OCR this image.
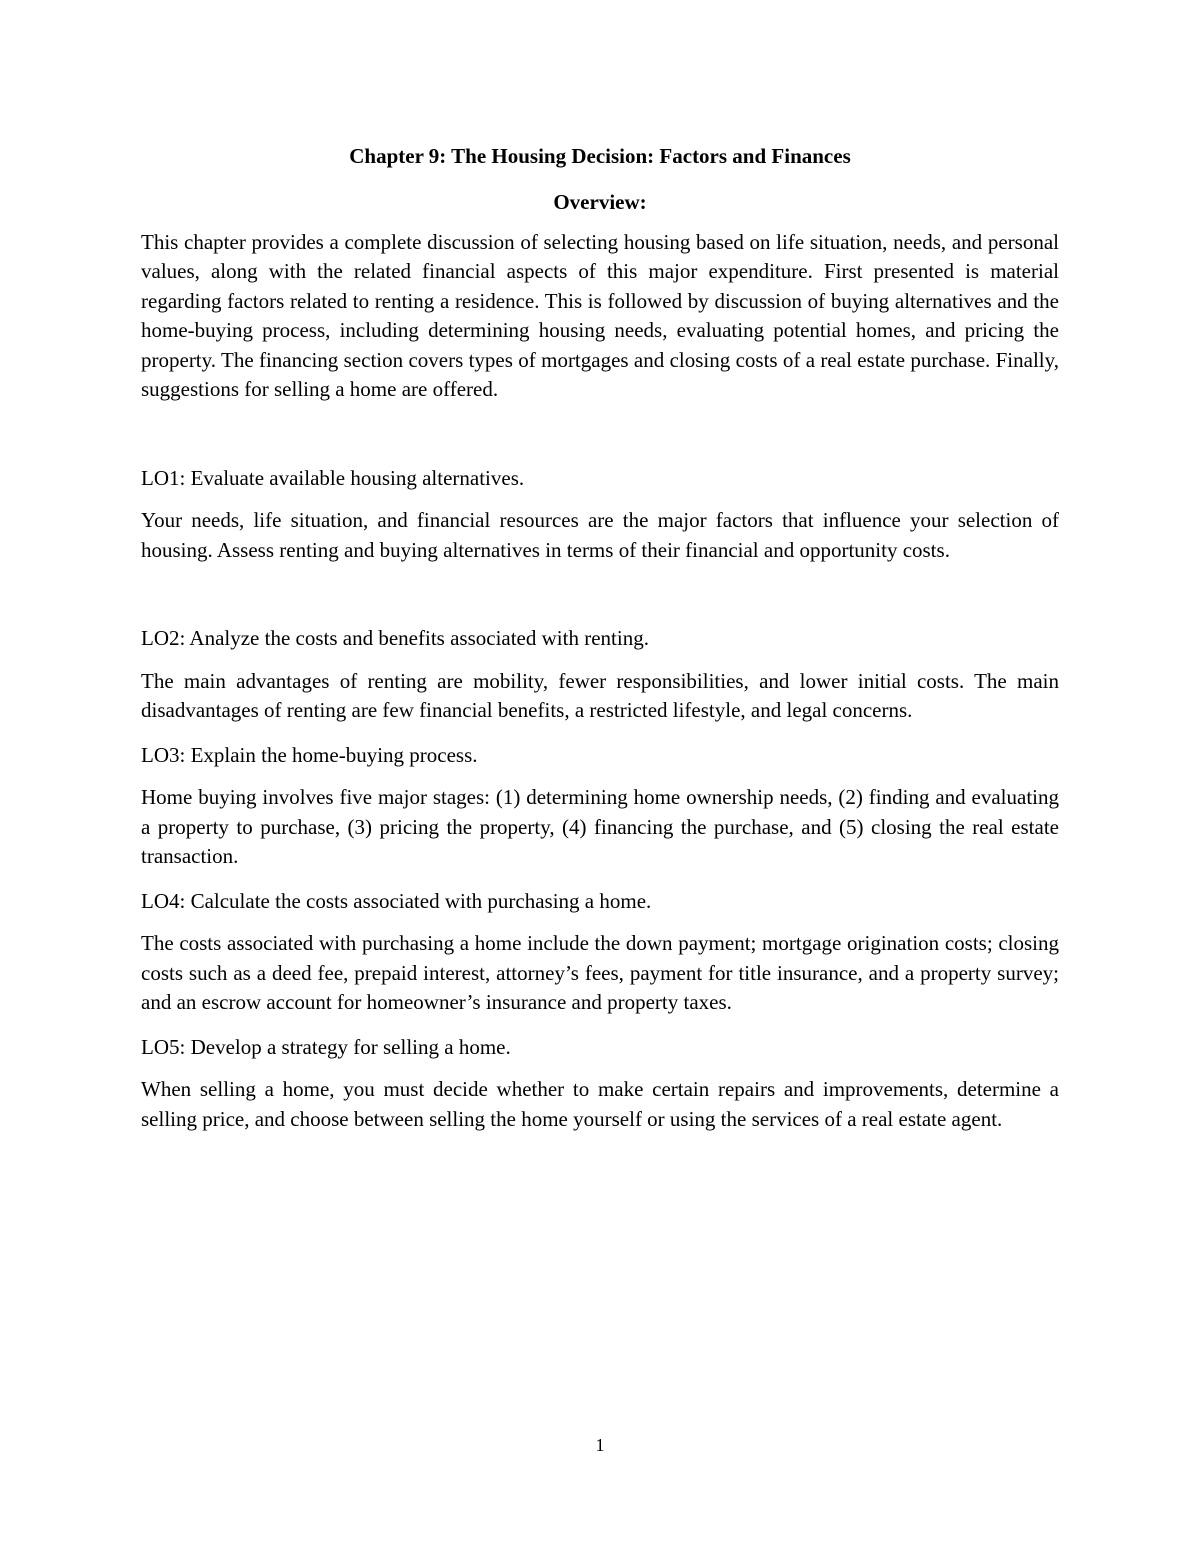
Chapter 9: The Housing Decision: Factors and Finances
Overview:

This chapter provides a complete discussion of selecting housing based on life situation, needs, and personal values, along with the related financial aspects of this major expenditure. First presented is material regarding factors related to renting a residence. This is followed by discussion of buying alternatives and the home-buying process, including determining housing needs, evaluating potential homes, and pricing the property. The financing section covers types of mortgages and closing costs of a real estate purchase. Finally, suggestions for selling a home are offered.

LO1: Evaluate available housing alternatives.

Your needs, life situation, and financial resources are the major factors that influence your selection of housing. Assess renting and buying alternatives in terms of their financial and opportunity costs.

LO2: Analyze the costs and benefits associated with renting.

The main advantages of renting are mobility, fewer responsibilities, and lower initial costs. The main disadvantages of renting are few financial benefits, a restricted lifestyle, and legal concerns.

LO3: Explain the home-buying process.

Home buying involves five major stages: (1) determining home ownership needs, (2) finding and evaluating a property to purchase, (3) pricing the property, (4) financing the purchase, and (5) closing the real estate transaction.

LO4: Calculate the costs associated with purchasing a home.

The costs associated with purchasing a home include the down payment; mortgage origination costs; closing costs such as a deed fee, prepaid interest, attorney’s fees, payment for title insurance, and a property survey; and an escrow account for homeowner’s insurance and property taxes.

LO5: Develop a strategy for selling a home.

When selling a home, you must decide whether to make certain repairs and improvements, determine a selling price, and choose between selling the home yourself or using the services of a real estate agent.

1
